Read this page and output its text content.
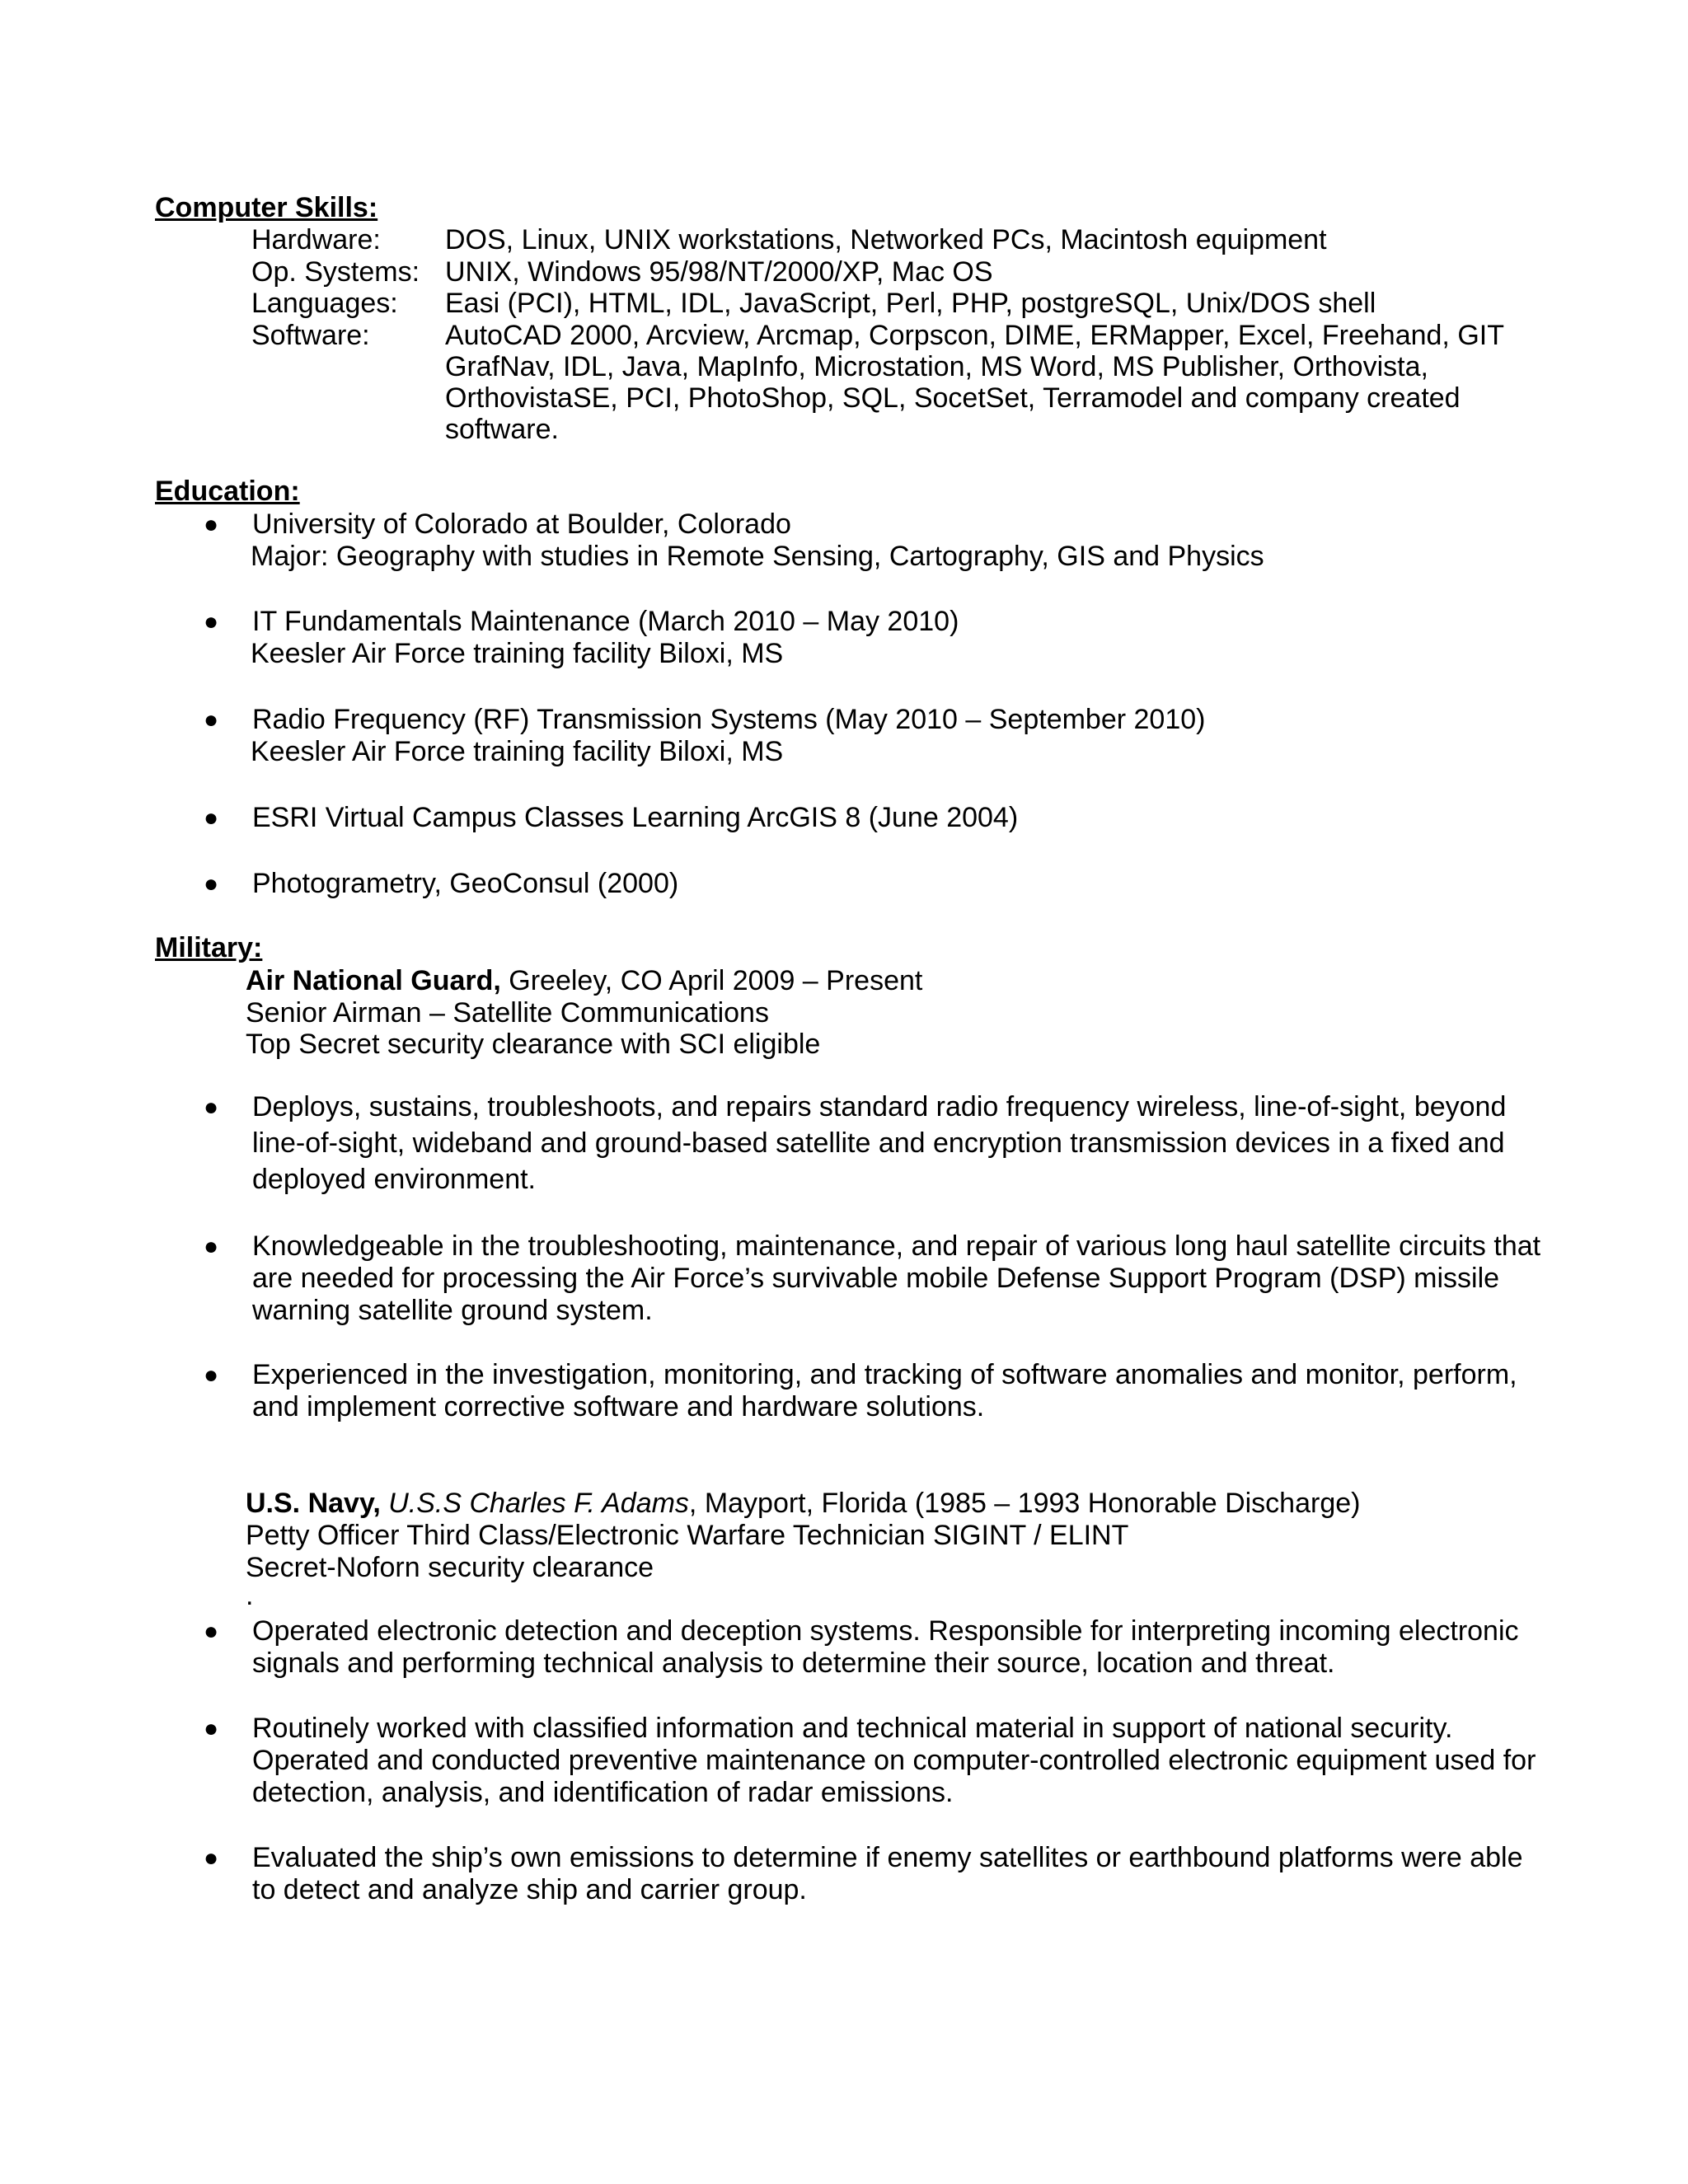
Computer Skills:
Hardware: DOS, Linux, UNIX workstations, Networked PCs, Macintosh equipment
Op. Systems: UNIX, Windows 95/98/NT/2000/XP, Mac OS
Languages: Easi (PCI), HTML, IDL, JavaScript, Perl, PHP, postgreSQL, Unix/DOS shell
Software:	AutoCAD 2000, Arcview, Arcmap, Corpscon, DIME, ERMapper, Excel, Freehand, GIT
GrafNav, IDL, Java, MapInfo, Microstation, MS Word, MS Publisher, Orthovista,
OrthovistaSE, PCI, PhotoShop, SQL, SocetSet, Terramodel and company created
software.
Education:
● University of Colorado at Boulder, Colorado
Major: Geography with studies in Remote Sensing, Cartography, GIS and Physics
● IT Fundamentals Maintenance (March 2010 – May 2010)
Keesler Air Force training facility Biloxi, MS
● Radio Frequency (RF) Transmission Systems (May 2010 – September 2010)
Keesler Air Force training facility Biloxi, MS
● ESRI Virtual Campus Classes Learning ArcGIS 8 (June 2004)
● Photogrametry, GeoConsul (2000)
Military:
Air National Guard, Greeley, CO April 2009 – Present
Senior Airman – Satellite Communications
Top Secret security clearance with SCI eligible
● Deploys, sustains, troubleshoots, and repairs standard radio frequency wireless, line-of-sight, beyond
line-of-sight, wideband and ground-based satellite and encryption transmission devices in a fixed and
deployed environment.
● Knowledgeable in the troubleshooting, maintenance, and repair of various long haul satellite circuits that
are needed for processing the Air Force’s survivable mobile Defense Support Program (DSP) missile
warning satellite ground system.
● Experienced in the investigation, monitoring, and tracking of software anomalies and monitor, perform,
and implement corrective software and hardware solutions.
U.S. Navy, U.S.S Charles F. Adams, Mayport, Florida (1985 – 1993 Honorable Discharge)
Petty Officer Third Class/Electronic Warfare Technician SIGINT / ELINT
Secret-Noforn security clearance
.
● Operated electronic detection and deception systems. Responsible for interpreting incoming electronic
signals and performing technical analysis to determine their source, location and threat.
● Routinely worked with classified information and technical material in support of national security.
Operated and conducted preventive maintenance on computer-controlled electronic equipment used for
detection, analysis, and identification of radar emissions.
● Evaluated the ship’s own emissions to determine if enemy satellites or earthbound platforms were able
to detect and analyze ship and carrier group.
